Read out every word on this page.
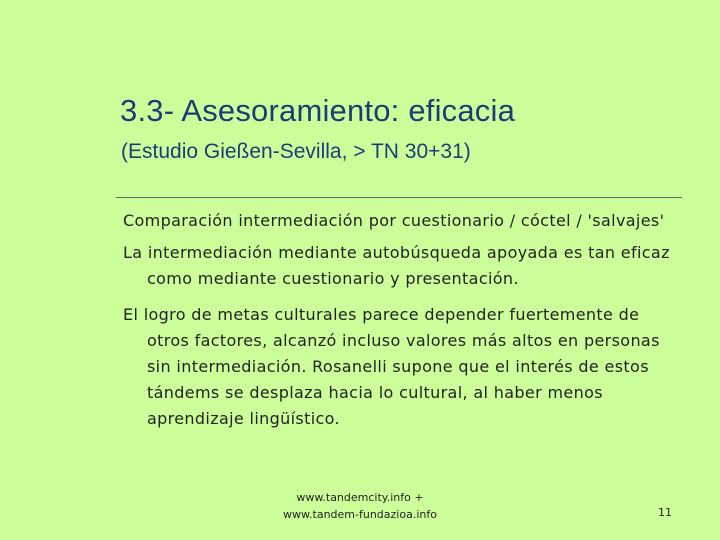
3.3- Asesoramiento: eficacia
(Estudio Gießen-Sevilla, > TN 30+31)

Comparación intermediación por cuestionario / cóctel / 'salvajes'

La intermediación mediante autobúsqueda apoyada es tan eficaz como mediante cuestionario y presentación.

El logro de metas culturales parece depender fuertemente de otros factores, alcanzó incluso valores más altos en personas sin intermediación. Rosanelli supone que el interés de estos tándems se desplaza hacia lo cultural, al haber menos aprendizaje lingüístico.

www.tandemcity.info +
www.tandem-fundazioa.info	11
